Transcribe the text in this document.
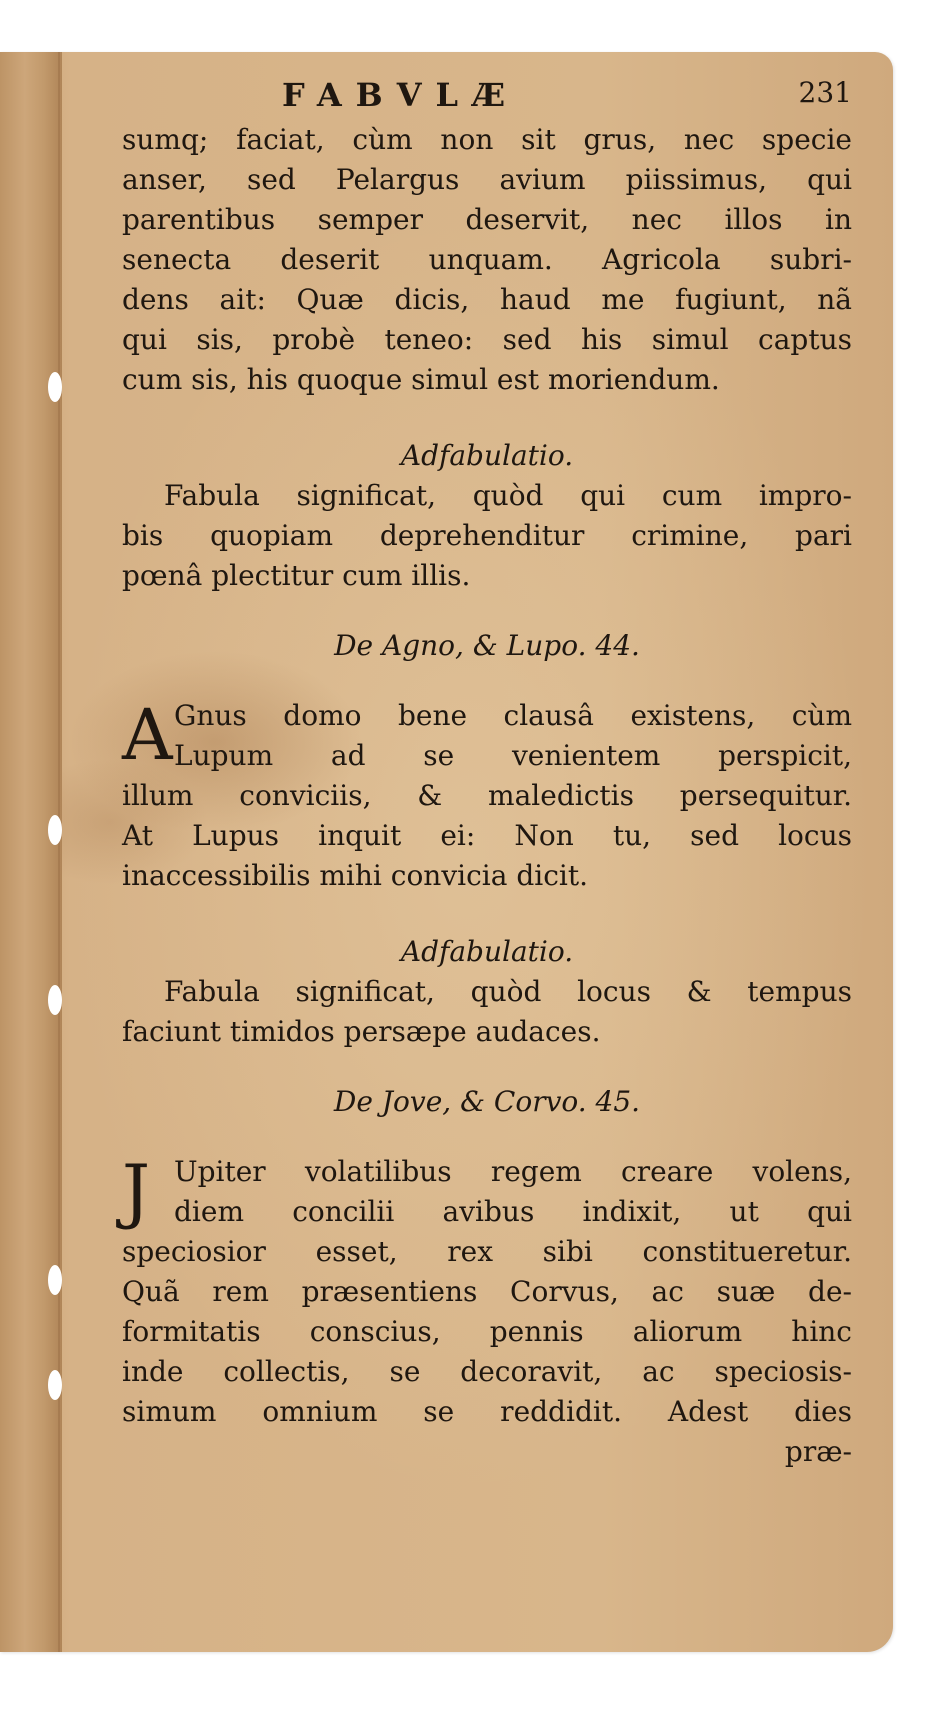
FABVLÆ	231
sumq; faciat, cùm non sit grus, nec specie
anser, sed Pelargus avium piissimus, qui
parentibus semper deservit, nec illos in
senecta deserit unquam. Agricola subri-
dens ait: Quæ dicis, haud me fugiunt, nã
qui sis, probè teneo: sed his simul captus
cum sis, his quoque simul est moriendum.
Adfabulatio.
Fabula significat, quòd qui cum impro-
bis quopiam deprehenditur crimine, pari
pœnâ plectitur cum illis.
De Agno, & Lupo. 44.
A Gnus domo bene clausâ existens, cùm
Lupum ad se venientem perspicit,
illum conviciis, & maledictis persequitur.
At Lupus inquit ei: Non tu, sed locus
inaccessibilis mihi convicia dicit.
Adfabulatio.
Fabula significat, quòd locus & tempus
faciunt timidos persæpe audaces.
De Jove, & Corvo. 45.
J Upiter volatilibus regem creare volens,
diem concilii avibus indixit, ut qui
speciosior esset, rex sibi constitueretur.
Quã rem præsentiens Corvus, ac suæ de-
formitatis conscius, pennis aliorum hinc
inde collectis, se decoravit, ac speciosis-
simum omnium se reddidit. Adest dies
præ-
